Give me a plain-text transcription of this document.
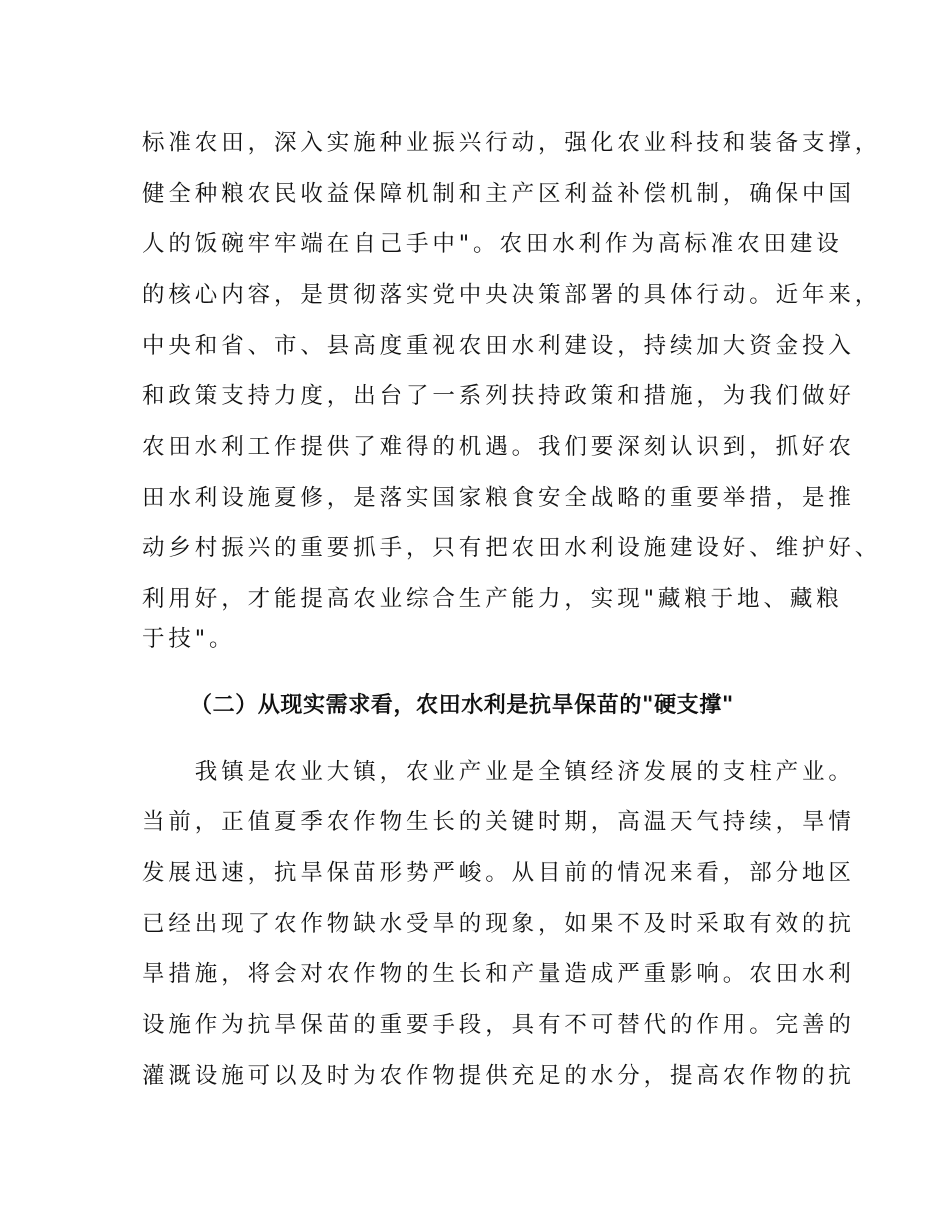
标准农田，深入实施种业振兴行动，强化农业科技和装备支撑，
健全种粮农民收益保障机制和主产区利益补偿机制，确保中国
人的饭碗牢牢端在自己手中"。农田水利作为高标准农田建设
的核心内容，是贯彻落实党中央决策部署的具体行动。近年来，
中央和省、市、县高度重视农田水利建设，持续加大资金投入
和政策支持力度，出台了一系列扶持政策和措施，为我们做好
农田水利工作提供了难得的机遇。我们要深刻认识到，抓好农
田水利设施夏修，是落实国家粮食安全战略的重要举措，是推
动乡村振兴的重要抓手，只有把农田水利设施建设好、维护好、
利用好，才能提高农业综合生产能力，实现"藏粮于地、藏粮
于技"。
（二）从现实需求看，农田水利是抗旱保苗的"硬支撑"
　　我镇是农业大镇，农业产业是全镇经济发展的支柱产业。
当前，正值夏季农作物生长的关键时期，高温天气持续，旱情
发展迅速，抗旱保苗形势严峻。从目前的情况来看，部分地区
已经出现了农作物缺水受旱的现象，如果不及时采取有效的抗
旱措施，将会对农作物的生长和产量造成严重影响。农田水利
设施作为抗旱保苗的重要手段，具有不可替代的作用。完善的
灌溉设施可以及时为农作物提供充足的水分，提高农作物的抗
